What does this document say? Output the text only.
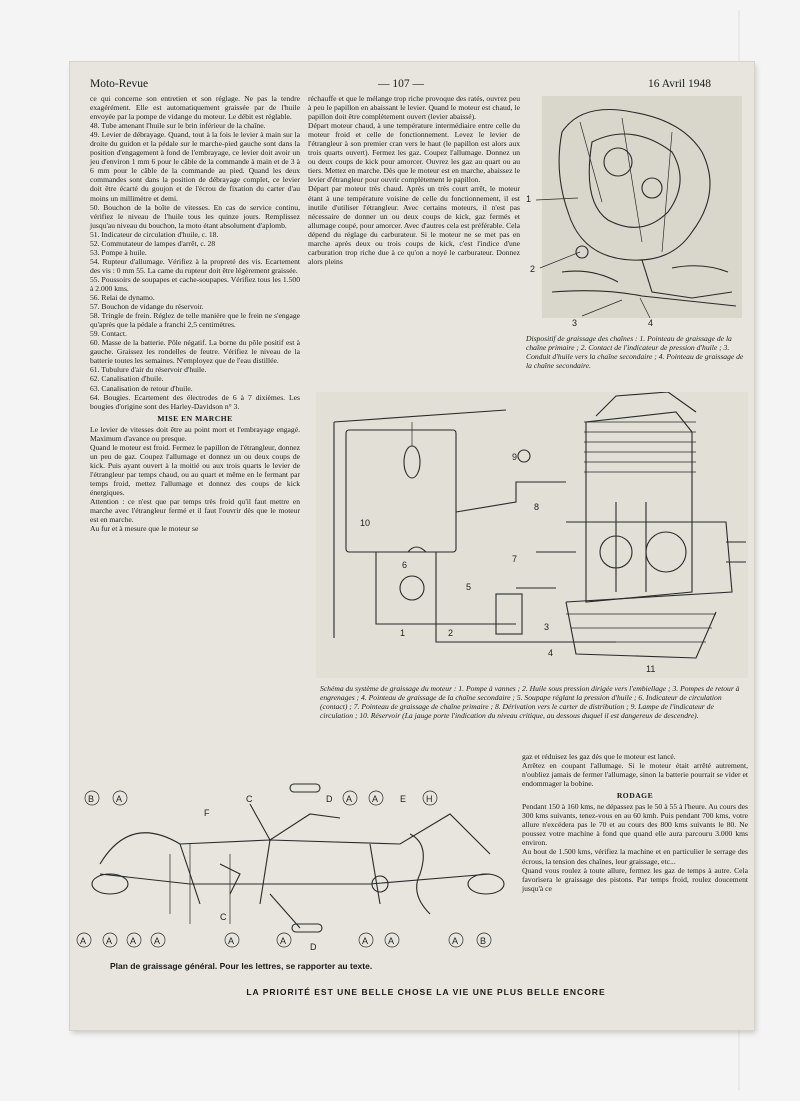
Moto-Revue	— 107 —	16 Avril 1948

ce qui concerne son entretien et son réglage. Ne pas la tendre exagérément. Elle est automatiquement graissée par de l'huile envoyée par la pompe de vidange du moteur. Le débit est réglable.

48. Tube amenant l'huile sur le brin inférieur de la chaîne.

49. Levier de débrayage. Quand, tout à la fois le levier à main sur la droite du guidon et la pédale sur le marche-pied gauche sont dans la position d'engagement à fond de l'embrayage, ce levier doit avoir un jeu d'environ 1 mm 6 pour le câble de la commande à main et de 3 à 6 mm pour le câble de la commande au pied. Quand les deux commandes sont dans la position de débrayage complet, ce levier doit être écarté du goujon et de l'écrou de fixation du carter d'au moins un millimètre et demi.

50. Bouchon de la boîte de vitesses. En cas de service continu, vérifiez le niveau de l'huile tous les quinze jours. Remplissez jusqu'au niveau du bouchon, la moto étant absolument d'aplomb.

51. Indicateur de circulation d'huile, c. 18.

52. Commutateur de lampes d'arrêt, c. 28

53. Pompe à huile.

54. Rupteur d'allumage. Vérifiez à la propreté des vis. Ecartement des vis : 0 mm 55. La came du rupteur doit être légèrement graissée.

55. Poussoirs de soupapes et cache-soupapes. Vérifiez tous les 1.500 à 2.000 kms.

56. Relai de dynamo.

57. Bouchon de vidange du réservoir.

58. Tringle de frein. Réglez de telle manière que le frein ne s'engage qu'après que la pédale a franchi 2,5 centimètres.

59. Contact.

60. Masse de la batterie. Pôle négatif. La borne du pôle positif est à gauche. Graissez les rondelles de feutre. Vérifiez le niveau de la batterie toutes les semaines. N'employez que de l'eau distillée.

61. Tubulure d'air du réservoir d'huile.

62. Canalisation d'huile.

63. Canalisation de retour d'huile.

64. Bougies. Ecartement des électrodes de 6 à 7 dixièmes. Les bougies d'origine sont des Harley-Davidson n° 3.

MISE EN MARCHE

Le levier de vitesses doit être au point mort et l'embrayage engagé. Maximum d'avance ou presque.

Quand le moteur est froid. Fermez le papillon de l'étrangleur, donnez un peu de gaz. Coupez l'allumage et donnez un ou deux coups de kick. Puis ayant ouvert à la moitié ou aux trois quarts le levier de l'étrangleur par temps chaud, ou au quart et même en le fermant par temps froid, mettez l'allumage et donnez des coups de kick énergiques.

Attention : ce n'est que par temps très froid qu'il faut mettre en marche avec l'étrangleur fermé et il faut l'ouvrir dès que le moteur est en marche.

Au fur et à mesure que le moteur se

réchauffe et que le mélange trop riche provoque des ratés, ouvrez peu à peu le papillon en abaissant le levier. Quand le moteur est chaud, le papillon doit être complètement ouvert (levier abaissé).

Départ moteur chaud, à une température intermédiaire entre celle du moteur froid et celle de fonctionnement. Levez le levier de l'étrangleur à son premier cran vers le haut (le papillon est alors aux trois quarts ouvert). Fermez les gaz. Coupez l'allumage. Donnez un ou deux coups de kick pour amorcer. Ouvrez les gaz au quart ou au tiers. Mettez en marche. Dès que le moteur est en marche, abaissez le levier d'étrangleur pour ouvrir complètement le papillon.

Départ par moteur très chaud. Après un très court arrêt, le moteur étant à une température voisine de celle du fonctionnement, il est inutile d'utiliser l'étrangleur. Avec certains moteurs, il n'est pas nécessaire de donner un ou deux coups de kick, gaz fermés et allumage coupé, pour amorcer. Avec d'autres cela est préférable. Cela dépend du réglage du carburateur. Si le moteur ne se met pas en marche après deux ou trois coups de kick, c'est l'indice d'une carburation trop riche due à ce qu'on a noyé le carburateur. Donnez alors pleins

1
2
3	4
Dispositif de graissage des chaînes : 1. Pointeau de graissage de la chaîne primaire ; 2. Contact de l'indicateur de pression d'huile ; 3. Conduit d'huile vers la chaîne secondaire ; 4. Pointeau de graissage de la chaîne secondaire.
10
9
8
7
6
5
1	2
3
4
11
Schéma du système de graissage du moteur : 1. Pompe à vannes ; 2. Huile sous pression dirigée vers l'embiellage ; 3. Pompes de retour à engrenages ; 4. Pointeau de graissage de la chaîne secondaire ; 5. Soupape réglant la pression d'huile ; 6. Indicateur de circulation (contact) ; 7. Pointeau de graissage de chaîne primaire ; 8. Dérivation vers le carter de distribution ; 9. Lampe de l'indicateur de circulation ; 10. Réservoir (La jauge porte l'indication du niveau critique, au dessous duquel il est dangereux de descendre).

gaz et réduisez les gaz dès que le moteur est lancé.

Arrêtez en coupant l'allumage. Si le moteur était arrêté autrement, n'oubliez jamais de fermer l'allumage, sinon la batterie pourrait se vider et endommager la bobine.

RODAGE

Pendant 150 à 160 kms, ne dépassez pas le 50 à 55 à l'heure. Au cours des 300 kms suivants, tenez-vous en au 60 kmh. Puis pendant 700 kms, votre allure n'excédera pas le 70 et au cours des 800 kms suivants le 80. Ne poussez votre machine à fond que quand elle aura parcouru 3.000 kms environ.

Au bout de 1.500 kms, vérifiez la machine et en particulier le serrage des écrous, la tension des chaînes, leur graissage, etc...

Quand vous roulez à toute allure, fermez les gaz de temps à autre. Cela favorisera le graissage des pistons. Par temps froid, roulez doucement jusqu'à ce

B A
F
C	D A A E H
A A A A	A	A	A A	A B
C
D
Plan de graissage général. Pour les lettres, se rapporter au texte.
LA PRIORITÉ EST UNE BELLE CHOSE LA VIE UNE PLUS BELLE ENCORE
